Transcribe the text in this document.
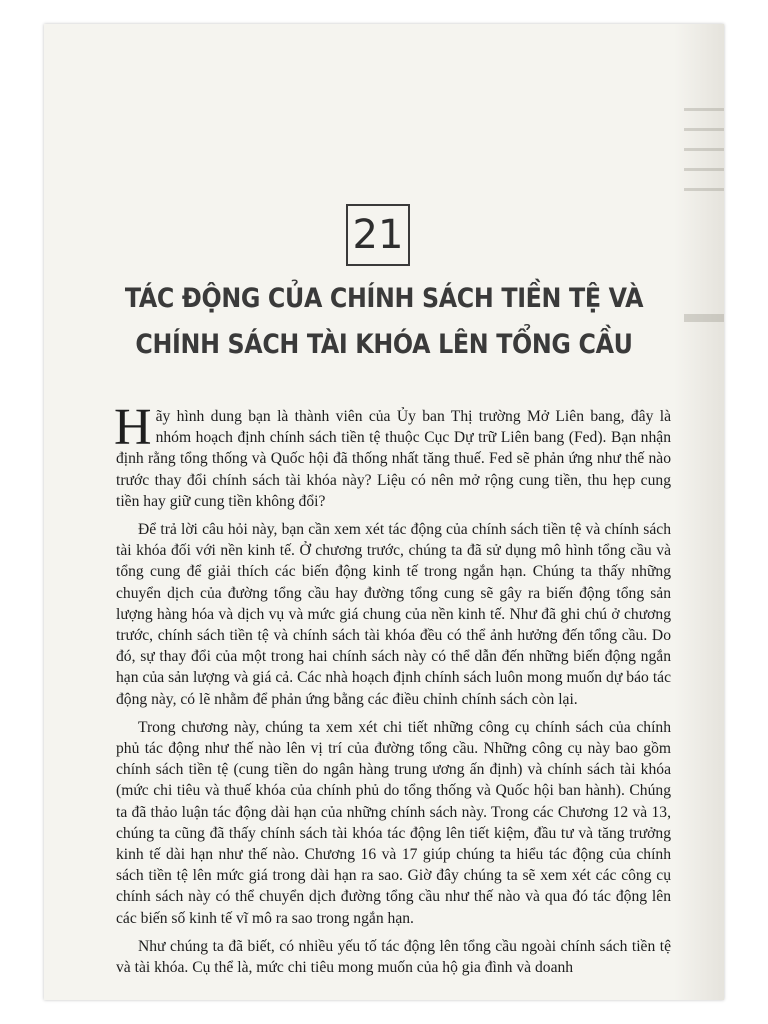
21
TÁC ĐỘNG CỦA CHÍNH SÁCH TIỀN TỆ VÀ
CHÍNH SÁCH TÀI KHÓA LÊN TỔNG CẦU

Hãy hình dung bạn là thành viên của Ủy ban Thị trường Mở Liên bang, đây là nhóm hoạch định chính sách tiền tệ thuộc Cục Dự trữ Liên bang (Fed). Bạn nhận định rằng tổng thống và Quốc hội đã thống nhất tăng thuế. Fed sẽ phản ứng như thế nào trước thay đổi chính sách tài khóa này? Liệu có nên mở rộng cung tiền, thu hẹp cung tiền hay giữ cung tiền không đổi?

Để trả lời câu hỏi này, bạn cần xem xét tác động của chính sách tiền tệ và chính sách tài khóa đối với nền kinh tế. Ở chương trước, chúng ta đã sử dụng mô hình tổng cầu và tổng cung để giải thích các biến động kinh tế trong ngắn hạn. Chúng ta thấy những chuyển dịch của đường tổng cầu hay đường tổng cung sẽ gây ra biến động tổng sản lượng hàng hóa và dịch vụ và mức giá chung của nền kinh tế. Như đã ghi chú ở chương trước, chính sách tiền tệ và chính sách tài khóa đều có thể ảnh hưởng đến tổng cầu. Do đó, sự thay đổi của một trong hai chính sách này có thể dẫn đến những biến động ngắn hạn của sản lượng và giá cả. Các nhà hoạch định chính sách luôn mong muốn dự báo tác động này, có lẽ nhằm để phản ứng bằng các điều chỉnh chính sách còn lại.

Trong chương này, chúng ta xem xét chi tiết những công cụ chính sách của chính phủ tác động như thế nào lên vị trí của đường tổng cầu. Những công cụ này bao gồm chính sách tiền tệ (cung tiền do ngân hàng trung ương ấn định) và chính sách tài khóa (mức chi tiêu và thuế khóa của chính phủ do tổng thống và Quốc hội ban hành). Chúng ta đã thảo luận tác động dài hạn của những chính sách này. Trong các Chương 12 và 13, chúng ta cũng đã thấy chính sách tài khóa tác động lên tiết kiệm, đầu tư và tăng trưởng kinh tế dài hạn như thế nào. Chương 16 và 17 giúp chúng ta hiểu tác động của chính sách tiền tệ lên mức giá trong dài hạn ra sao. Giờ đây chúng ta sẽ xem xét các công cụ chính sách này có thể chuyển dịch đường tổng cầu như thế nào và qua đó tác động lên các biến số kinh tế vĩ mô ra sao trong ngắn hạn.

Như chúng ta đã biết, có nhiều yếu tố tác động lên tổng cầu ngoài chính sách tiền tệ và tài khóa. Cụ thể là, mức chi tiêu mong muốn của hộ gia đình và doanh
